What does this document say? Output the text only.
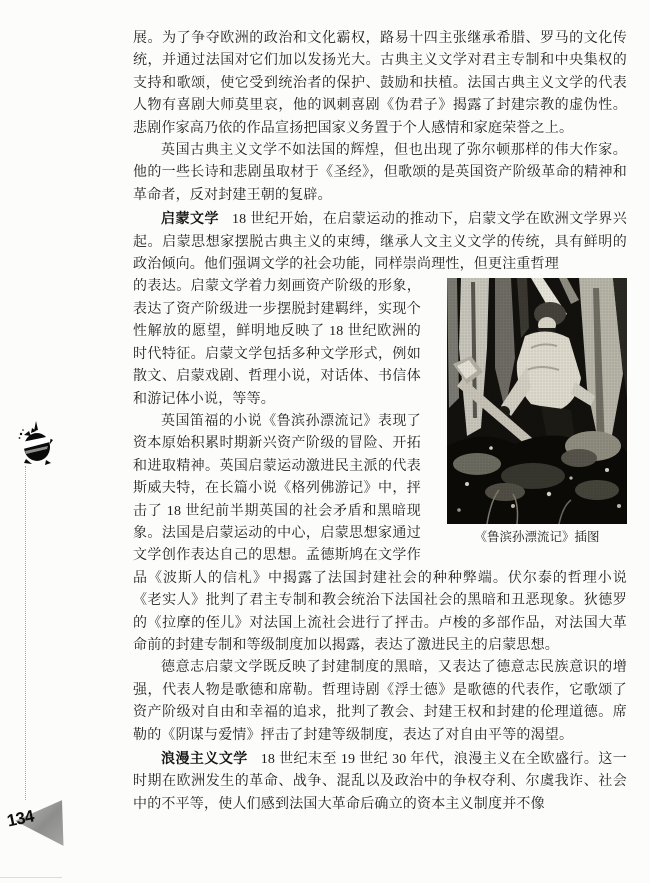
134

展。为了争夺欧洲的政治和文化霸权，路易十四主张继承希腊、罗马的文化传统，并通过法国对它们加以发扬光大。古典主义文学对君主专制和中央集权的支持和歌颂，使它受到统治者的保护、鼓励和扶植。法国古典主义文学的代表人物有喜剧大师莫里哀，他的讽刺喜剧《伪君子》揭露了封建宗教的虚伪性。悲剧作家高乃依的作品宣扬把国家义务置于个人感情和家庭荣誉之上。

英国古典主义文学不如法国的辉煌，但也出现了弥尔顿那样的伟大作家。他的一些长诗和悲剧虽取材于《圣经》，但歌颂的是英国资产阶级革命的精神和革命者，反对封建王朝的复辟。

启蒙文学 18 世纪开始，在启蒙运动的推动下，启蒙文学在欧洲文学界兴起。启蒙思想家摆脱古典主义的束缚，继承人文主义文学的传统，具有鲜明的政治倾向。他们强调文学的社会功能，同样崇尚理性，但更注重哲理

《鲁滨孙漂流记》插图

的表达。启蒙文学着力刻画资产阶级的形象，表达了资产阶级进一步摆脱封建羁绊，实现个性解放的愿望，鲜明地反映了 18 世纪欧洲的时代特征。启蒙文学包括多种文学形式，例如散文、启蒙戏剧、哲理小说，对话体、书信体和游记体小说，等等。

英国笛福的小说《鲁滨孙漂流记》表现了资本原始积累时期新兴资产阶级的冒险、开拓和进取精神。英国启蒙运动激进民主派的代表斯威夫特，在长篇小说《格列佛游记》中，抨击了 18 世纪前半期英国的社会矛盾和黑暗现象。法国是启蒙运动的中心，启蒙思想家通过文学创作表达自己的思想。孟德斯鸠在文学作品《波斯人的信札》中揭露了法国封建社会的种种弊端。伏尔泰的哲理小说《老实人》批判了君主专制和教会统治下法国社会的黑暗和丑恶现象。狄德罗的《拉摩的侄儿》对法国上流社会进行了抨击。卢梭的多部作品，对法国大革命前的封建专制和等级制度加以揭露，表达了激进民主的启蒙思想。

德意志启蒙文学既反映了封建制度的黑暗，又表达了德意志民族意识的增强，代表人物是歌德和席勒。哲理诗剧《浮士德》是歌德的代表作，它歌颂了资产阶级对自由和幸福的追求，批判了教会、封建王权和封建的伦理道德。席勒的《阴谋与爱情》抨击了封建等级制度，表达了对自由平等的渴望。

浪漫主义文学 18 世纪末至 19 世纪 30 年代，浪漫主义在全欧盛行。这一时期在欧洲发生的革命、战争、混乱以及政治中的争权夺利、尔虞我诈、社会中的不平等，使人们感到法国大革命后确立的资本主义制度并不像
